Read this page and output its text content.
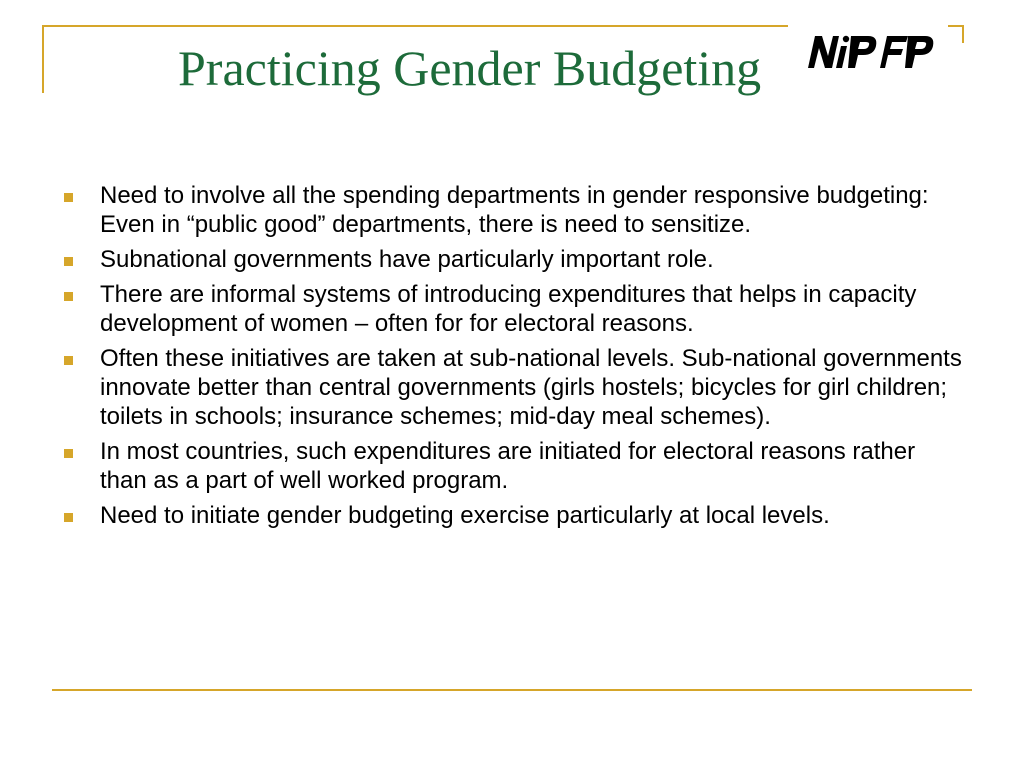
Practicing Gender Budgeting	NIPFP
Need to involve all the spending departments in gender responsive budgeting: Even in “public good” departments, there is need to sensitize.
Subnational governments have particularly important role.
There are informal systems of introducing expenditures that helps in capacity development of women – often for for electoral reasons.
Often these initiatives are taken at sub-national levels. Sub-national governments innovate better than central governments (girls hostels; bicycles for girl children; toilets in schools; insurance schemes; mid-day meal schemes).
In most countries, such expenditures are initiated for electoral reasons rather than as a part of well worked program.
Need to initiate gender budgeting exercise particularly at local levels.
